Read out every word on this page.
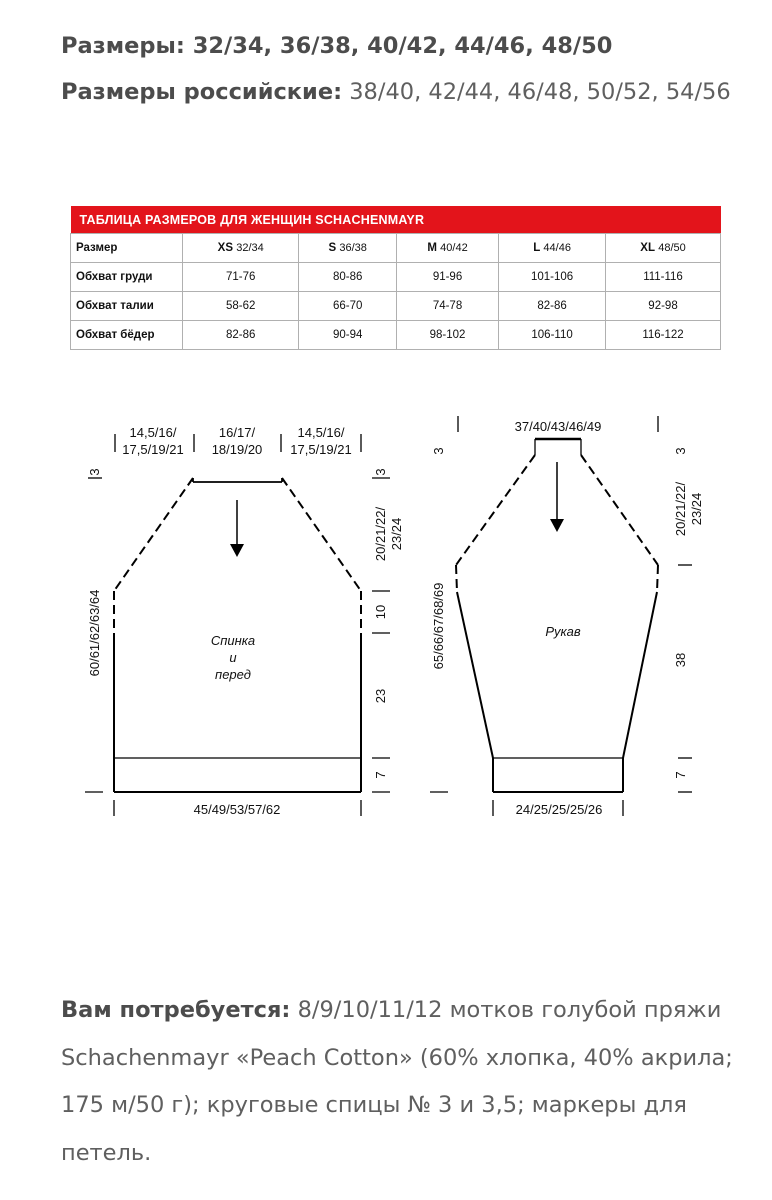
Размеры: 32/34, 36/38, 40/42, 44/46, 48/50
Размеры российские: 38/40, 42/44, 46/48, 50/52, 54/56

ТАБЛИЦА РАЗМЕРОВ ДЛЯ ЖЕНЩИН SCHACHENMAYR					
Размер	XS 32/34	S 36/38	M 40/42	L 44/46	XL 48/50
Обхват груди	71-76	80-86	91-96	101-106	111-116
Обхват талии	58-62	66-70	74-78	82-86	92-98
Обхват бёдер	82-86	90-94	98-102	106-110	116-122
14,5/16/
17,5/19/21
16/17/
18/19/20
14,5/16/
17,5/19/21
Спинка
и
перед
3
60/61/62/63/64
3
20/21/22/ 23/24
10
23
7
45/49/53/57/62
37/40/43/46/49
Рукав
3
65/66/67/68/69
3
20/21/22/ 23/24
38
7
24/25/25/25/26

Вам потребуется: 8/9/10/11/12 мотков голубой пряжи Schachenmayr «Peach Cotton» (60% хлопка, 40% акрила; 175 м/50 г); круговые спицы № 3 и 3,5; маркеры для петель.
